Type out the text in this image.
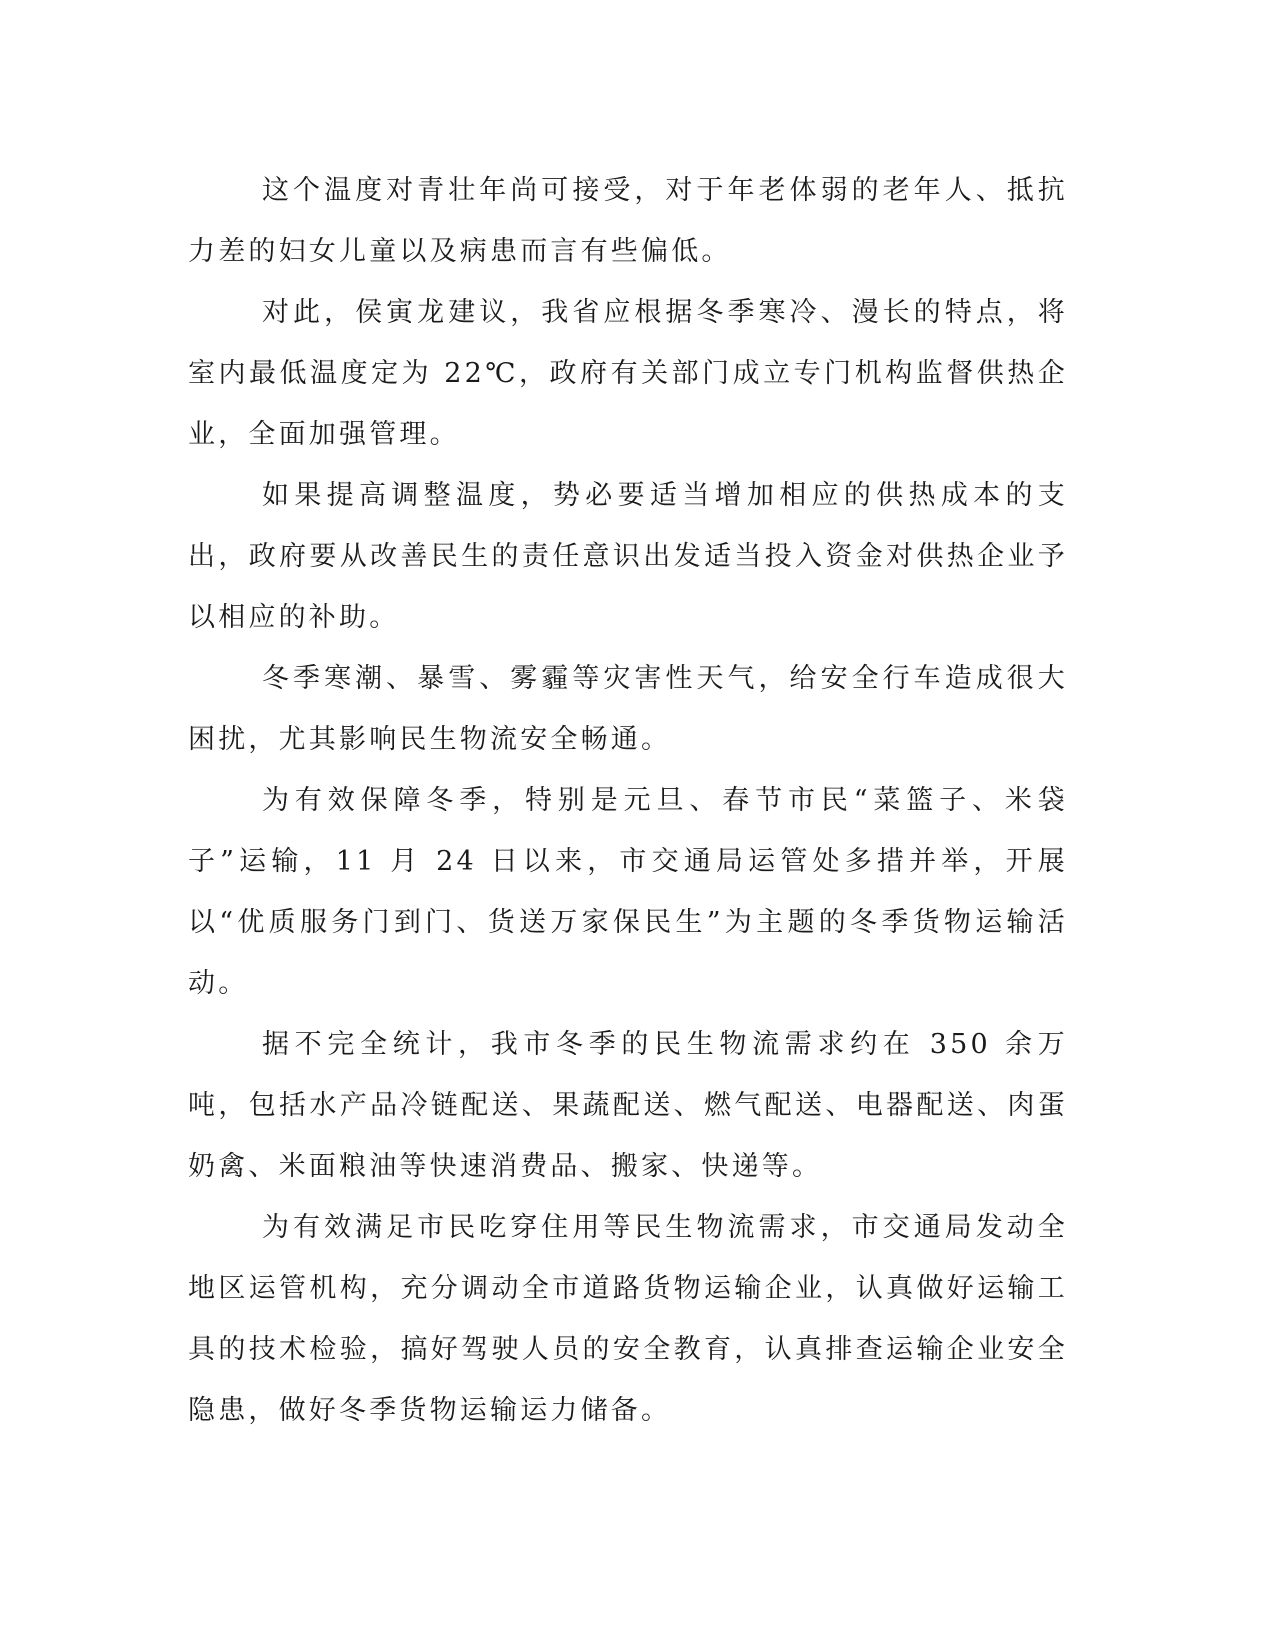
这个温度对青壮年尚可接受，对于年老体弱的老年人、抵抗力差的妇女儿童以及病患而言有些偏低。

对此，侯寅龙建议，我省应根据冬季寒冷、漫长的特点，将室内最低温度定为 22℃，政府有关部门成立专门机构监督供热企业，全面加强管理。

如果提高调整温度，势必要适当增加相应的供热成本的支出，政府要从改善民生的责任意识出发适当投入资金对供热企业予以相应的补助。

冬季寒潮、暴雪、雾霾等灾害性天气，给安全行车造成很大困扰，尤其影响民生物流安全畅通。

为有效保障冬季，特别是元旦、春节市民“菜篮子、米袋子”运输，11 月 24 日以来，市交通局运管处多措并举，开展以“优质服务门到门、货送万家保民生”为主题的冬季货物运输活动。

据不完全统计，我市冬季的民生物流需求约在 350 余万吨，包括水产品冷链配送、果蔬配送、燃气配送、电器配送、肉蛋奶禽、米面粮油等快速消费品、搬家、快递等。

为有效满足市民吃穿住用等民生物流需求，市交通局发动全地区运管机构，充分调动全市道路货物运输企业，认真做好运输工具的技术检验，搞好驾驶人员的安全教育，认真排查运输企业安全隐患，做好冬季货物运输运力储备。
